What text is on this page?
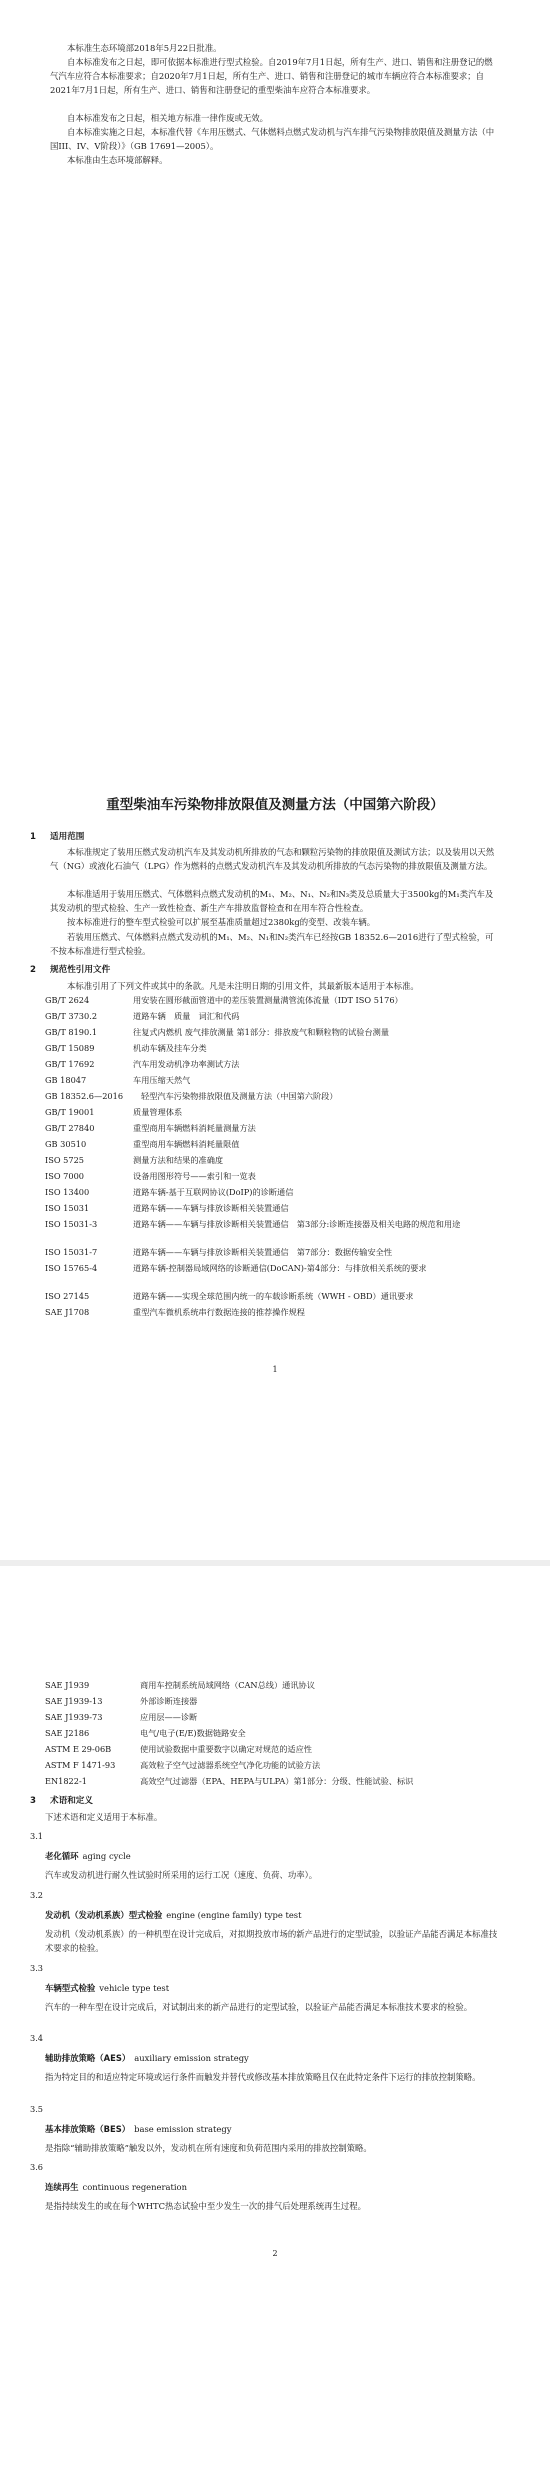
本标准生态环境部2018年5月22日批准。

自本标准发布之日起，即可依据本标准进行型式检验。自2019年7月1日起，所有生产、进口、销售和注册登记的燃气汽车应符合本标准要求；自2020年7月1日起，所有生产、进口、销售和注册登记的城市车辆应符合本标准要求；自2021年7月1日起，所有生产、进口、销售和注册登记的重型柴油车应符合本标准要求。

自本标准发布之日起，相关地方标准一律作废或无效。

自本标准实施之日起，本标准代替《车用压燃式、气体燃料点燃式发动机与汽车排气污染物排放限值及测量方法（中国III、IV、V阶段）》（GB 17691—2005）。

本标准由生态环境部解释。

重型柴油车污染物排放限值及测量方法（中国第六阶段）
1 适用范围

本标准规定了装用压燃式发动机汽车及其发动机所排放的气态和颗粒污染物的排放限值及测试方法；以及装用以天然气（NG）或液化石油气（LPG）作为燃料的点燃式发动机汽车及其发动机所排放的气态污染物的排放限值及测量方法。

本标准适用于装用压燃式、气体燃料点燃式发动机的M₁、M₂、N₁、N₂和N₃类及总质量大于3500kg的M₁类汽车及其发动机的型式检验、生产一致性检查、新生产车排放监督检查和在用车符合性检查。

按本标准进行的整车型式检验可以扩展至基准质量超过2380kg的变型、改装车辆。

若装用压燃式、气体燃料点燃式发动机的M₁、M₂、N₁和N₂类汽车已经按GB 18352.6—2016进行了型式检验，可不按本标准进行型式检验。

2 规范性引用文件

本标准引用了下列文件或其中的条款。凡是未注明日期的引用文件，其最新版本适用于本标准。

GB/T 2624	用安装在圆形截面管道中的差压装置测量满管流体流量（IDT ISO 5176）
GB/T 3730.2	道路车辆　质量　词汇和代码
GB/T 8190.1	往复式内燃机 废气排放测量 第1部分：排放废气和颗粒物的试验台测量
GB/T 15089	机动车辆及挂车分类
GB/T 17692	汽车用发动机净功率测试方法
GB 18047	车用压缩天然气
GB 18352.6—2016	轻型汽车污染物排放限值及测量方法（中国第六阶段）
GB/T 19001	质量管理体系
GB/T 27840	重型商用车辆燃料消耗量测量方法
GB 30510	重型商用车辆燃料消耗量限值
ISO 5725	测量方法和结果的准确度
ISO 7000	设备用图形符号——索引和一览表
ISO 13400	道路车辆-基于互联网协议(DoIP)的诊断通信
ISO 15031	道路车辆——车辆与排放诊断相关装置通信
ISO 15031-3	道路车辆——车辆与排放诊断相关装置通信　第3部分:诊断连接器及相关电路的规范和用途
ISO 15031-7	道路车辆——车辆与排放诊断相关装置通信　第7部分：数据传输安全性
ISO 15765-4	道路车辆-控制器局域网络的诊断通信(DoCAN)-第4部分：与排放相关系统的要求
ISO 27145	道路车辆——实现全球范围内统一的车载诊断系统（WWH - OBD）通讯要求
SAE J1708	重型汽车微机系统串行数据连接的推荐操作规程
1
SAE J1939	商用车控制系统局域网络（CAN总线）通讯协议
SAE J1939-13	外部诊断连接器
SAE J1939-73	应用层——诊断
SAE J2186	电气/电子(E/E)数据链路安全
ASTM E 29-06B	使用试验数据中重要数字以确定对规范的适应性
ASTM F 1471-93	高效粒子空气过滤器系统空气净化功能的试验方法
EN1822-1	高效空气过滤器（EPA、HEPA与ULPA）第1部分：分级、性能试验、标识
3 术语和定义

下述术语和定义适用于本标准。

3.1
老化循环 aging cycle

汽车或发动机进行耐久性试验时所采用的运行工况（速度、负荷、功率）。

3.2
发动机（发动机系族）型式检验 engine (engine family) type test

发动机（发动机系族）的一种机型在设计完成后，对拟期投放市场的新产品进行的定型试验，以验证产品能否满足本标准技术要求的检验。

3.3
车辆型式检验 vehicle type test

汽车的一种车型在设计完成后，对试制出来的新产品进行的定型试验，以验证产品能否满足本标准技术要求的检验。

3.4
辅助排放策略（AES） auxiliary emission strategy

指为特定目的和适应特定环境或运行条件而触发并替代或修改基本排放策略且仅在此特定条件下运行的排放控制策略。

3.5
基本排放策略（BES） base emission strategy

是指除“辅助排放策略”触发以外，发动机在所有速度和负荷范围内采用的排放控制策略。

3.6
连续再生 continuous regeneration

是指持续发生的或在每个WHTC热态试验中至少发生一次的排气后处理系统再生过程。

2
